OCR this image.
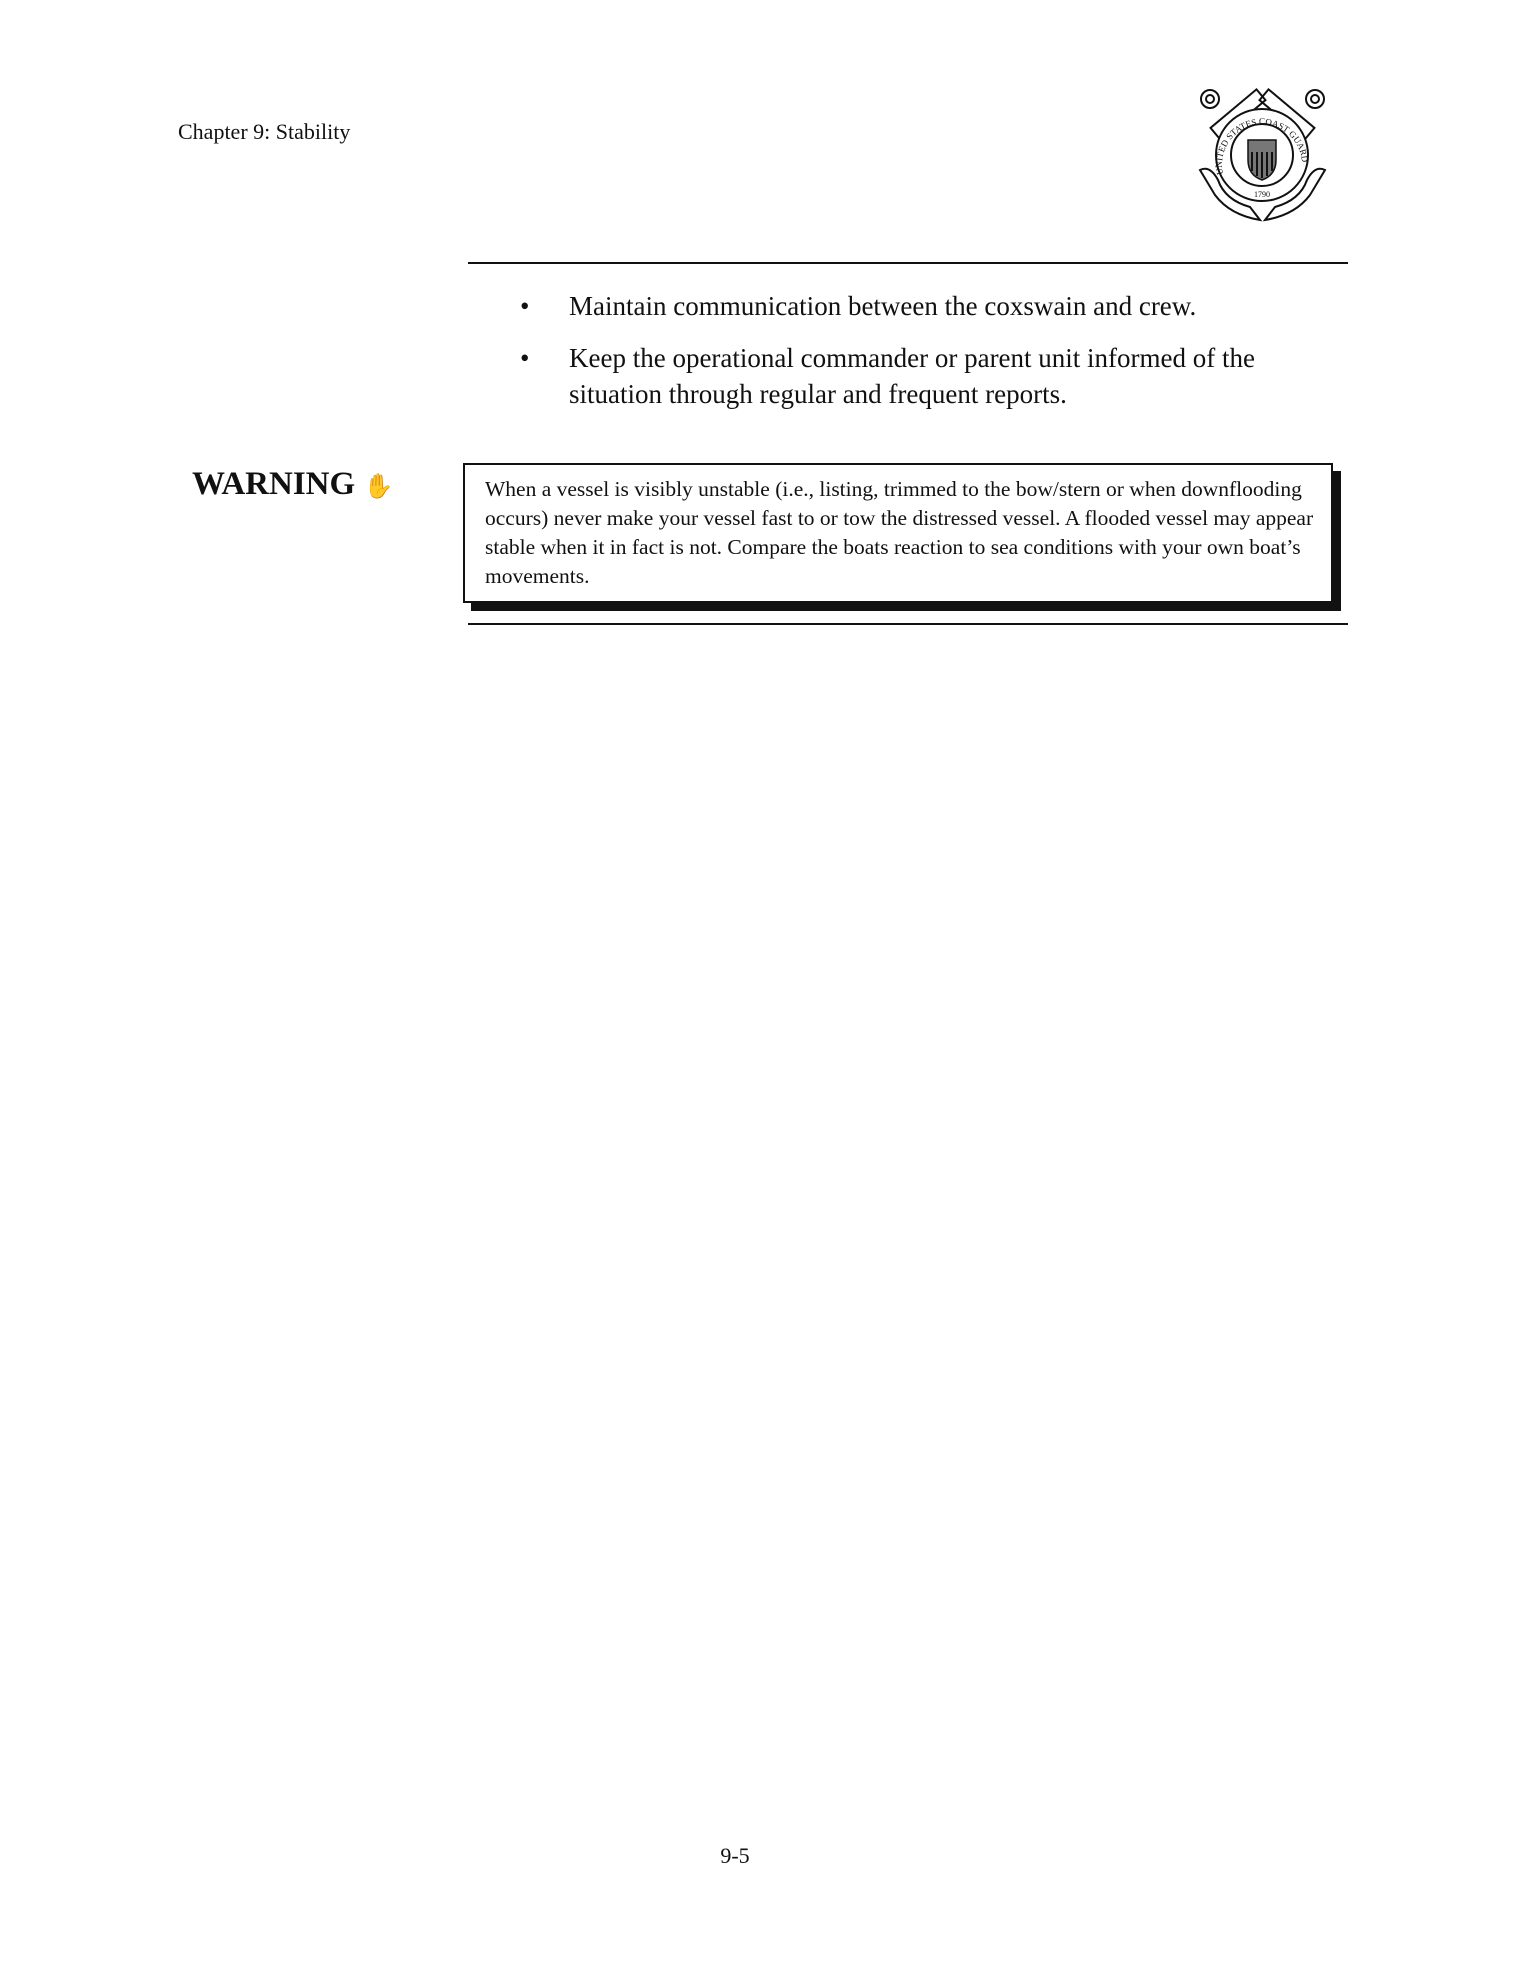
Chapter 9: Stability
UNITED STATES COAST GUARD
1790
• Maintain communication between the coxswain and crew.
• Keep the operational commander or parent unit informed of the situation through regular and frequent reports.
WARNING ✋	When a vessel is visibly unstable (i.e., listing, trimmed to the bow/stern or when downflooding occurs) never make your vessel fast to or tow the distressed vessel. A flooded vessel may appear stable when it in fact is not. Compare the boats reaction to sea conditions with your own boat’s movements.
9-5
